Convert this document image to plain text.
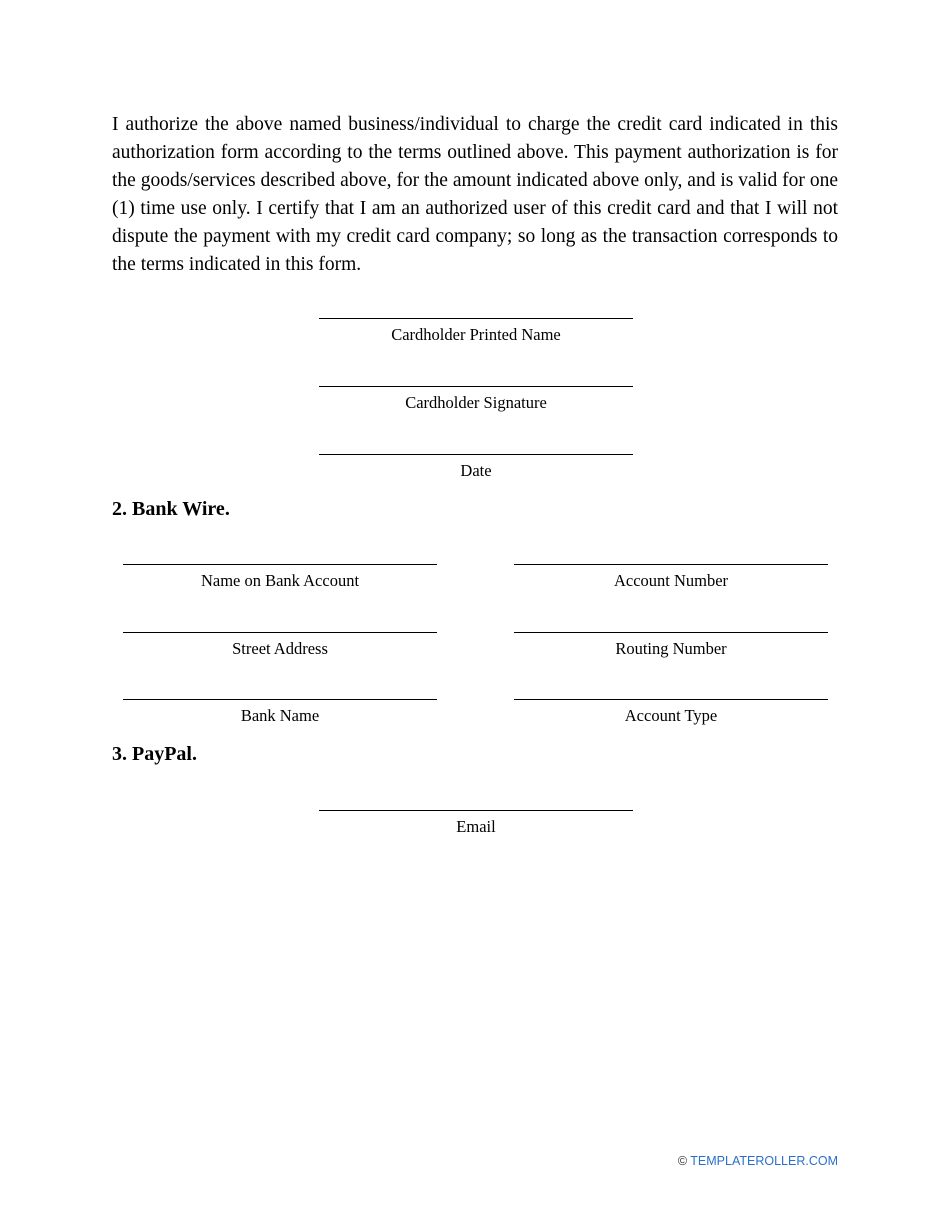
I authorize the above named business/individual to charge the credit card indicated in this authorization form according to the terms outlined above. This payment authorization is for the goods/services described above, for the amount indicated above only, and is valid for one (1) time use only. I certify that I am an authorized user of this credit card and that I will not dispute the payment with my credit card company; so long as the transaction corresponds to the terms indicated in this form.

Cardholder Printed Name
Cardholder Signature
Date
2. Bank Wire.
Name on Bank Account	Account Number
Street Address	Routing Number
Bank Name	Account Type
3. PayPal.
Email
© TEMPLATEROLLER.COM
